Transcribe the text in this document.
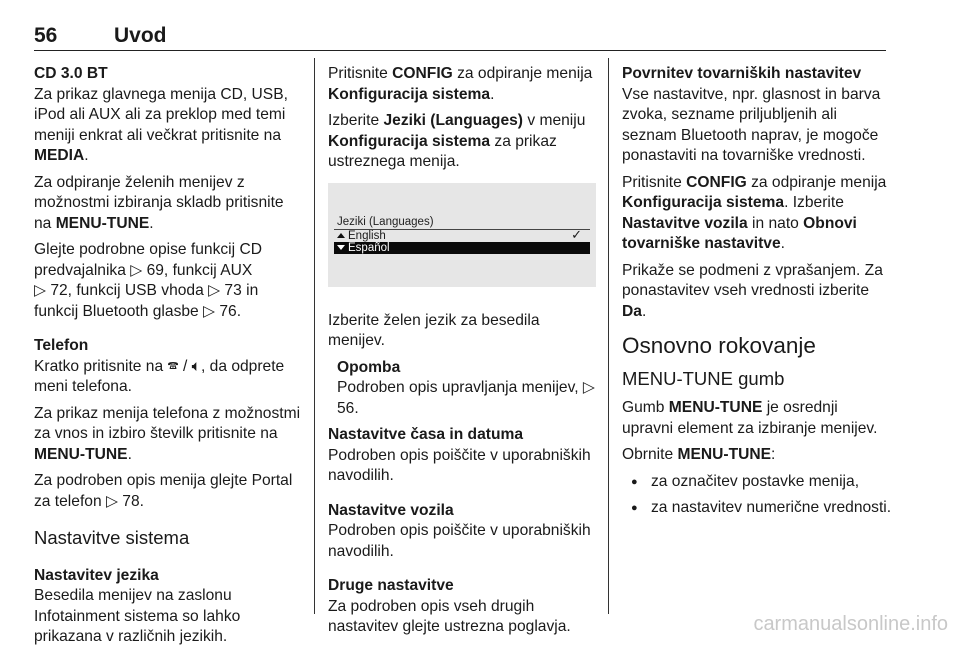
56	Uvod

CD 3.0 BT

Za prikaz glavnega menija CD, USB, iPod ali AUX ali za preklop med temi meniji enkrat ali večkrat pritisnite na MEDIA.

Za odpiranje želenih menijev z možnostmi izbiranja skladb pritisnite na MENU-TUNE.

Glejte podrobne opise funkcij CD predvajalnika ▷ 69, funkcij AUX
▷ 72, funkcij USB vhoda ▷ 73 in funkcij Bluetooth glasbe ▷ 76.

Telefon

Kratko pritisnite na 🕿︎ / 🔈︎, da odprete meni telefona.

Za prikaz menija telefona z možnostmi za vnos in izbiro številk pritisnite na MENU-TUNE.

Za podroben opis menija glejte Portal za telefon ▷ 78.

Nastavitve sistema

Nastavitev jezika

Besedila menijev na zaslonu Infotainment sistema so lahko prikazana v različnih jezikih.

Pritisnite CONFIG za odpiranje menija Konfiguracija sistema.

Izberite Jeziki (Languages) v meniju Konfiguracija sistema za prikaz ustreznega menija.

Jeziki (Languages)
English	✓
Español

Izberite želen jezik za besedila menijev.

Opomba
Podroben opis upravljanja menijev, ▷ 56.

Nastavitve časa in datuma

Podroben opis poiščite v uporabniških navodilih.

Nastavitve vozila

Podroben opis poiščite v uporabniških navodilih.

Druge nastavitve

Za podroben opis vseh drugih nastavitev glejte ustrezna poglavja.

Povrnitev tovarniških nastavitev

Vse nastavitve, npr. glasnost in barva zvoka, sezname priljubljenih ali seznam Bluetooth naprav, je mogoče ponastaviti na tovarniške vrednosti.

Pritisnite CONFIG za odpiranje menija Konfiguracija sistema. Izberite Nastavitve vozila in nato Obnovi tovarniške nastavitve.

Prikaže se podmeni z vprašanjem. Za ponastavitev vseh vrednosti izberite Da.

Osnovno rokovanje

MENU-TUNE gumb

Gumb MENU-TUNE je osrednji upravni element za izbiranje menijev.

Obrnite MENU-TUNE:

● za označitev postavke menija,
● za nastavitev numerične vrednosti.
carmanualsonline.info
